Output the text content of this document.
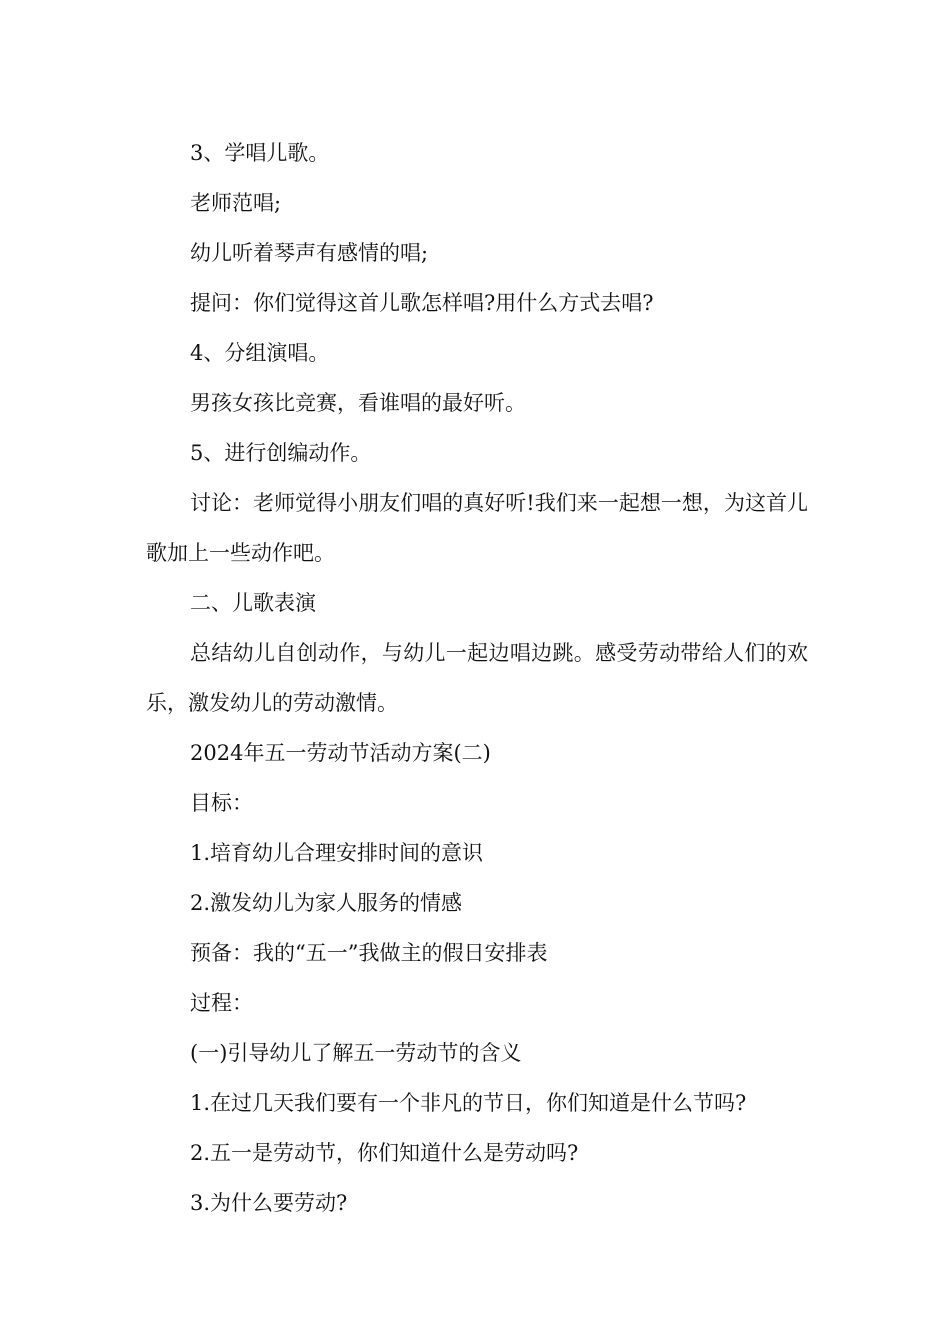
3、学唱儿歌。

老师范唱;

幼儿听着琴声有感情的唱;

提问：你们觉得这首儿歌怎样唱?用什么方式去唱?

4、分组演唱。

男孩女孩比竞赛，看谁唱的最好听。

5、进行创编动作。

讨论：老师觉得小朋友们唱的真好听!我们来一起想一想，为这首儿歌加上一些动作吧。

二、儿歌表演

总结幼儿自创动作，与幼儿一起边唱边跳。感受劳动带给人们的欢乐，激发幼儿的劳动激情。

2024年五一劳动节活动方案(二)

目标：

1.培育幼儿合理安排时间的意识

2.激发幼儿为家人服务的情感

预备：我的“五一”我做主的假日安排表

过程：

(一)引导幼儿了解五一劳动节的含义

1.在过几天我们要有一个非凡的节日，你们知道是什么节吗?

2.五一是劳动节，你们知道什么是劳动吗?

3.为什么要劳动?
